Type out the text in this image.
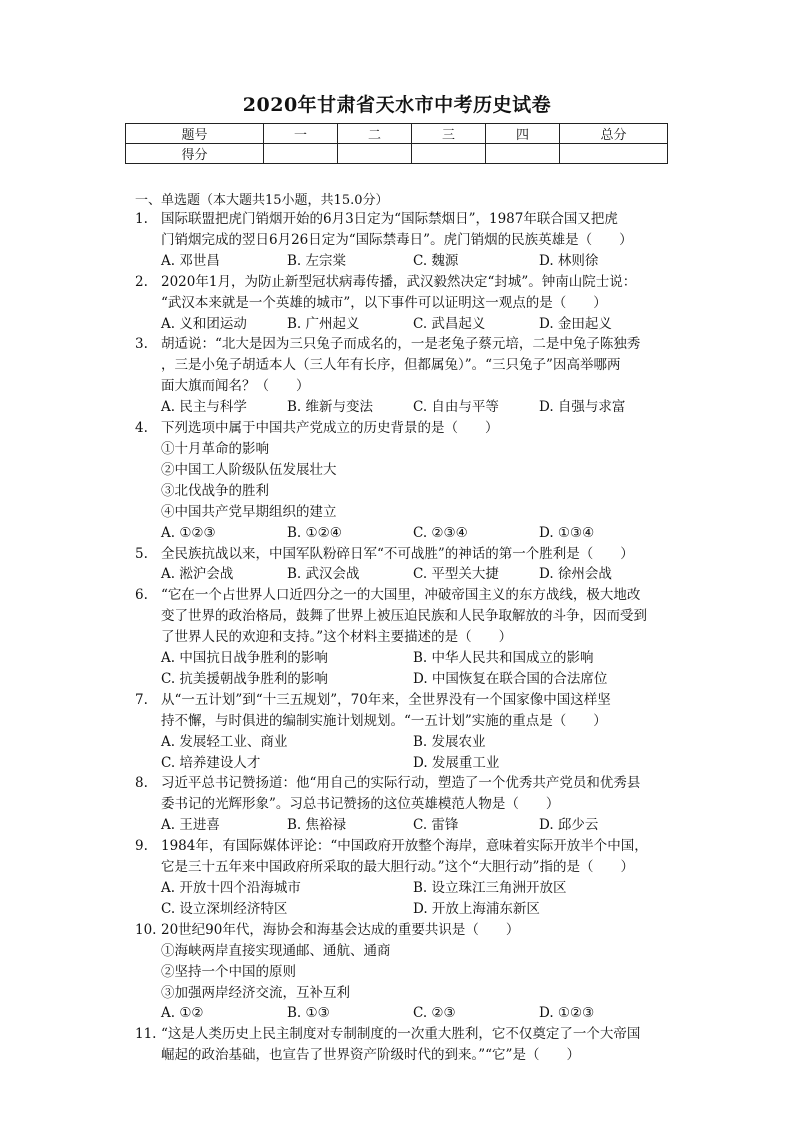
2020年甘肃省天水市中考历史试卷
题号	一	二	三	四	总分
得分					
一、单选题（本大题共15小题，共15.0分）
1. 国际联盟把虎门销烟开始的6月3日定为“国际禁烟日”，1987年联合国又把虎
门销烟完成的翌日6月26日定为“国际禁毒日”。虎门销烟的民族英雄是（　　）
A. 邓世昌	B. 左宗棠	C. 魏源	D. 林则徐
2. 2020年1月，为防止新型冠状病毒传播，武汉毅然决定“封城”。钟南山院士说：
“武汉本来就是一个英雄的城市”，以下事件可以证明这一观点的是（　　）
A. 义和团运动	B. 广州起义	C. 武昌起义	D. 金田起义
3. 胡适说：“北大是因为三只兔子而成名的，一是老兔子蔡元培，二是中兔子陈独秀
，三是小兔子胡适本人（三人年有长序，但都属兔）”。“三只兔子”因高举哪两
面大旗而闻名？（　　）
A. 民主与科学	B. 维新与变法	C. 自由与平等	D. 自强与求富
4. 下列选项中属于中国共产党成立的历史背景的是（　　）
①十月革命的影响
②中国工人阶级队伍发展壮大
③北伐战争的胜利
④中国共产党早期组织的建立
A. ①②③	B. ①②④	C. ②③④	D. ①③④
5. 全民族抗战以来，中国军队粉碎日军“不可战胜”的神话的第一个胜利是（　　）
A. 淞沪会战	B. 武汉会战	C. 平型关大捷	D. 徐州会战
6. “它在一个占世界人口近四分之一的大国里，冲破帝国主义的东方战线，极大地改
变了世界的政治格局，鼓舞了世界上被压迫民族和人民争取解放的斗争，因而受到
了世界人民的欢迎和支持。”这个材料主要描述的是（　　）
A. 中国抗日战争胜利的影响	B. 中华人民共和国成立的影响
C. 抗美援朝战争胜利的影响	D. 中国恢复在联合国的合法席位
7. 从“一五计划”到“十三五规划”，70年来，全世界没有一个国家像中国这样坚
持不懈，与时俱进的编制实施计划规划。“一五计划”实施的重点是（　　）
A. 发展轻工业、商业	B. 发展农业
C. 培养建设人才	D. 发展重工业
8. 习近平总书记赞扬道：他“用自己的实际行动，塑造了一个优秀共产党员和优秀县
委书记的光辉形象”。习总书记赞扬的这位英雄模范人物是（　　）
A. 王进喜	B. 焦裕禄	C. 雷锋	D. 邱少云
9. 1984年，有国际媒体评论：“中国政府开放整个海岸，意味着实际开放半个中国，
它是三十五年来中国政府所采取的最大胆行动。”这个“大胆行动”指的是（　　）
A. 开放十四个沿海城市	B. 设立珠江三角洲开放区
C. 设立深圳经济特区	D. 开放上海浦东新区
10. 20世纪90年代，海协会和海基会达成的重要共识是（　　）
①海峡两岸直接实现通邮、通航、通商
②坚持一个中国的原则
③加强两岸经济交流，互补互利
A. ①②	B. ①③	C. ②③	D. ①②③
11. “这是人类历史上民主制度对专制制度的一次重大胜利，它不仅奠定了一个大帝国
崛起的政治基础，也宣告了世界资产阶级时代的到来。”“它”是（　　）
